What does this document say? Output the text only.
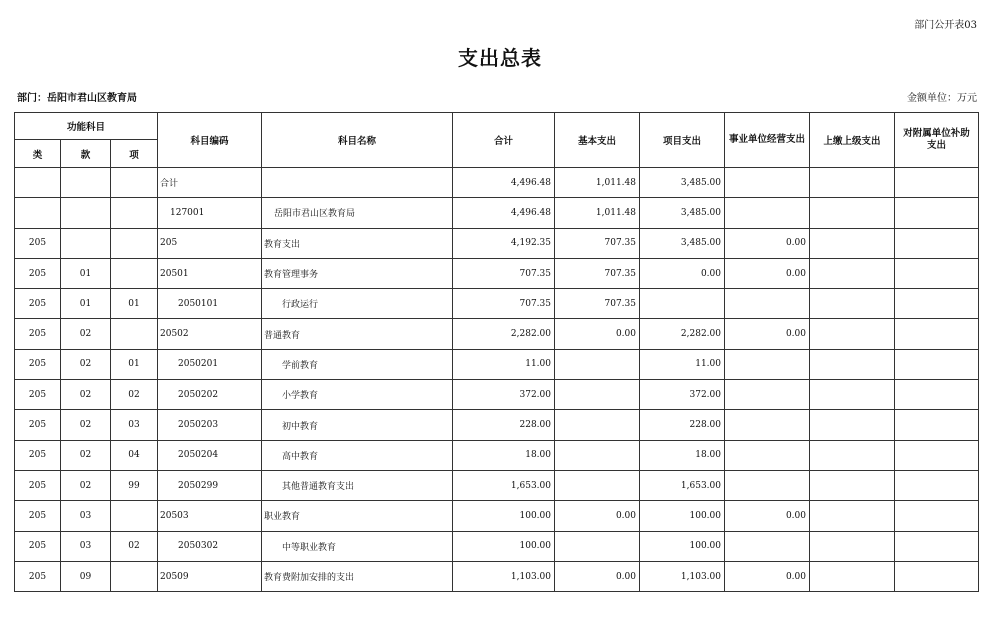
部门公开表03
支出总表
部门：岳阳市君山区教育局	金额单位：万元
功能科目			科目编码	科目名称	合计	基本支出	项目支出	事业单位经营支出	上缴上级支出	对附属单位补助支出
类	款	项								
			合计		4,496.48	1,011.48	3,485.00			
			127001	岳阳市君山区教育局	4,496.48	1,011.48	3,485.00			
205			205	教育支出	4,192.35	707.35	3,485.00	0.00		
205	01		20501	教育管理事务	707.35	707.35	0.00	0.00		
205	01	01	2050101	行政运行	707.35	707.35				
205	02		20502	普通教育	2,282.00	0.00	2,282.00	0.00		
205	02	01	2050201	学前教育	11.00		11.00			
205	02	02	2050202	小学教育	372.00		372.00			
205	02	03	2050203	初中教育	228.00		228.00			
205	02	04	2050204	高中教育	18.00		18.00			
205	02	99	2050299	其他普通教育支出	1,653.00		1,653.00			
205	03		20503	职业教育	100.00	0.00	100.00	0.00		
205	03	02	2050302	中等职业教育	100.00		100.00			
205	09		20509	教育费附加安排的支出	1,103.00	0.00	1,103.00	0.00		
